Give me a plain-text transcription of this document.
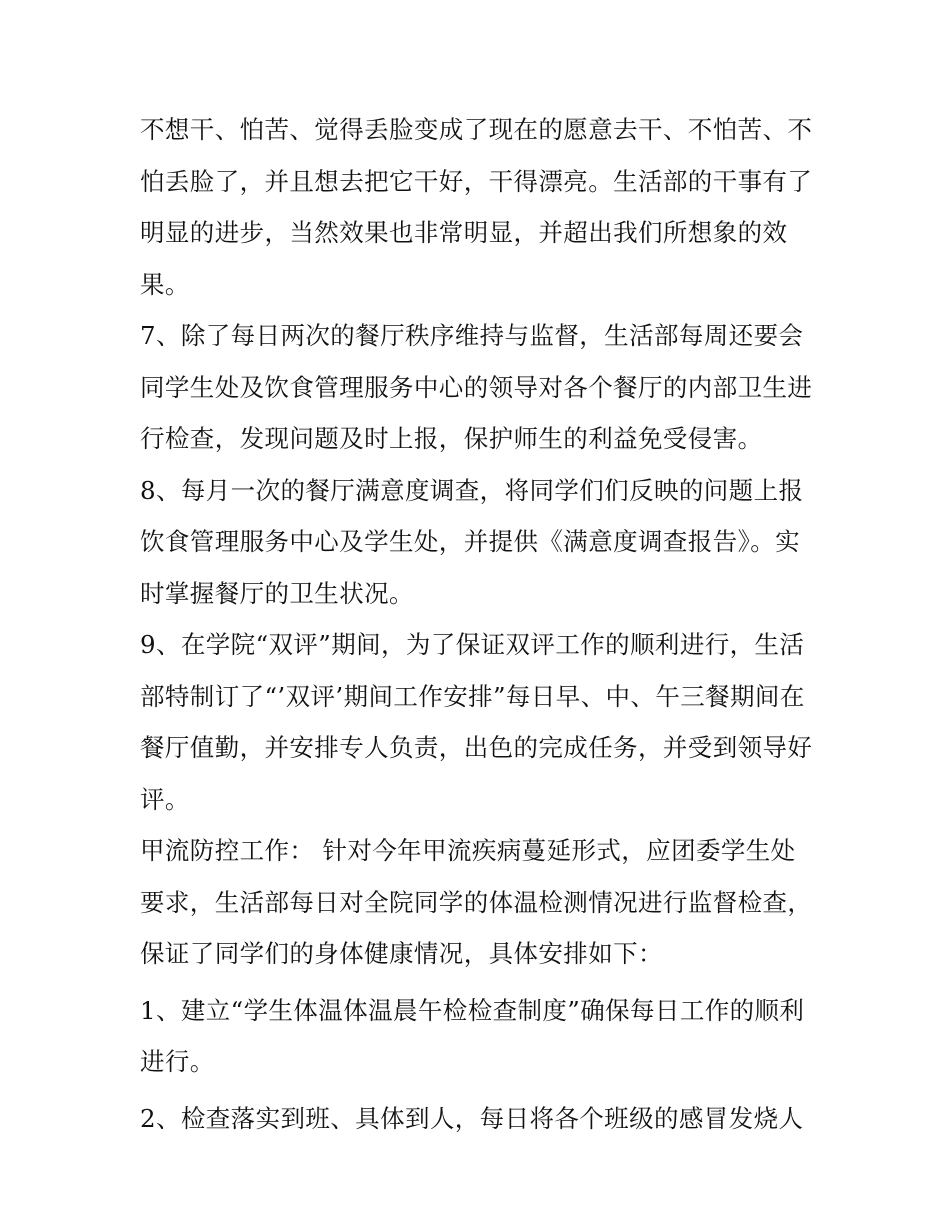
不想干、怕苦、觉得丢脸变成了现在的愿意去干、不怕苦、不
怕丢脸了，并且想去把它干好，干得漂亮。生活部的干事有了
明显的进步，当然效果也非常明显，并超出我们所想象的效
果。
7、除了每日两次的餐厅秩序维持与监督，生活部每周还要会
同学生处及饮食管理服务中心的领导对各个餐厅的内部卫生进
行检查，发现问题及时上报，保护师生的利益免受侵害。
8、每月一次的餐厅满意度调查，将同学们们反映的问题上报
饮食管理服务中心及学生处，并提供《满意度调查报告》。实
时掌握餐厅的卫生状况。
9、在学院“双评”期间，为了保证双评工作的顺利进行，生活
部特制订了“’双评’期间工作安排”每日早、中、午三餐期间在
餐厅值勤，并安排专人负责，出色的完成任务，并受到领导好
评。
甲流防控工作： 针对今年甲流疾病蔓延形式，应团委学生处
要求，生活部每日对全院同学的体温检测情况进行监督检查，
保证了同学们的身体健康情况，具体安排如下：
1、建立“学生体温体温晨午检检查制度”确保每日工作的顺利
进行。
2、检查落实到班、具体到人，每日将各个班级的感冒发烧人
